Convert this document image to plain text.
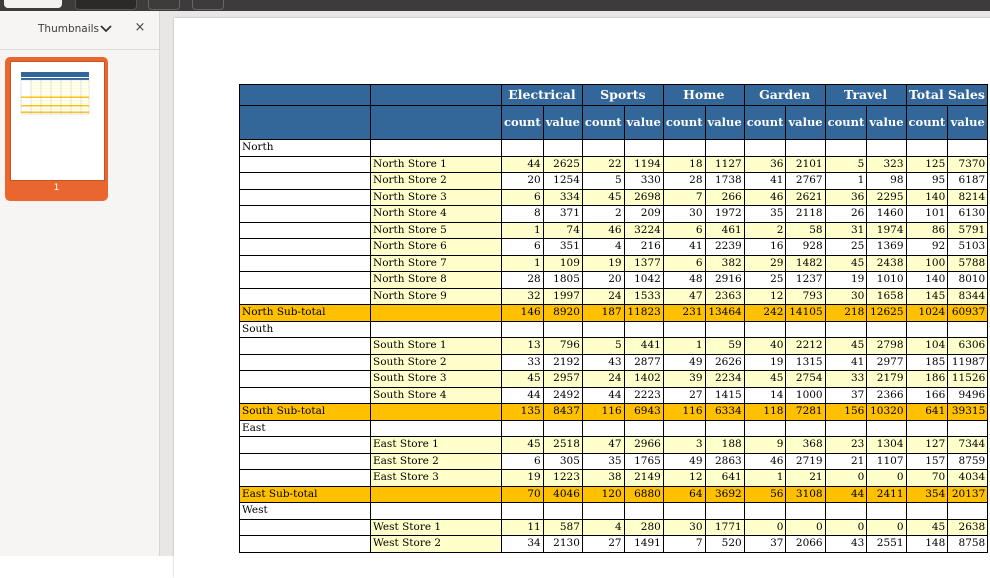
Thumbnails	×
1
		Electrical		Sports		Home		Garden		Travel		Total Sales	
		count	value	count	value	count	value	count	value	count	value	count	value
North													
	North Store 1	44	2625	22	1194	18	1127	36	2101	5	323	125	7370
	North Store 2	20	1254	5	330	28	1738	41	2767	1	98	95	6187
	North Store 3	6	334	45	2698	7	266	46	2621	36	2295	140	8214
	North Store 4	8	371	2	209	30	1972	35	2118	26	1460	101	6130
	North Store 5	1	74	46	3224	6	461	2	58	31	1974	86	5791
	North Store 6	6	351	4	216	41	2239	16	928	25	1369	92	5103
	North Store 7	1	109	19	1377	6	382	29	1482	45	2438	100	5788
	North Store 8	28	1805	20	1042	48	2916	25	1237	19	1010	140	8010
	North Store 9	32	1997	24	1533	47	2363	12	793	30	1658	145	8344
North Sub-total		146	8920	187	11823	231	13464	242	14105	218	12625	1024	60937
South													
	South Store 1	13	796	5	441	1	59	40	2212	45	2798	104	6306
	South Store 2	33	2192	43	2877	49	2626	19	1315	41	2977	185	11987
	South Store 3	45	2957	24	1402	39	2234	45	2754	33	2179	186	11526
	South Store 4	44	2492	44	2223	27	1415	14	1000	37	2366	166	9496
South Sub-total		135	8437	116	6943	116	6334	118	7281	156	10320	641	39315
East													
	East Store 1	45	2518	47	2966	3	188	9	368	23	1304	127	7344
	East Store 2	6	305	35	1765	49	2863	46	2719	21	1107	157	8759
	East Store 3	19	1223	38	2149	12	641	1	21	0	0	70	4034
East Sub-total		70	4046	120	6880	64	3692	56	3108	44	2411	354	20137
West													
	West Store 1	11	587	4	280	30	1771	0	0	0	0	45	2638
	West Store 2	34	2130	27	1491	7	520	37	2066	43	2551	148	8758
